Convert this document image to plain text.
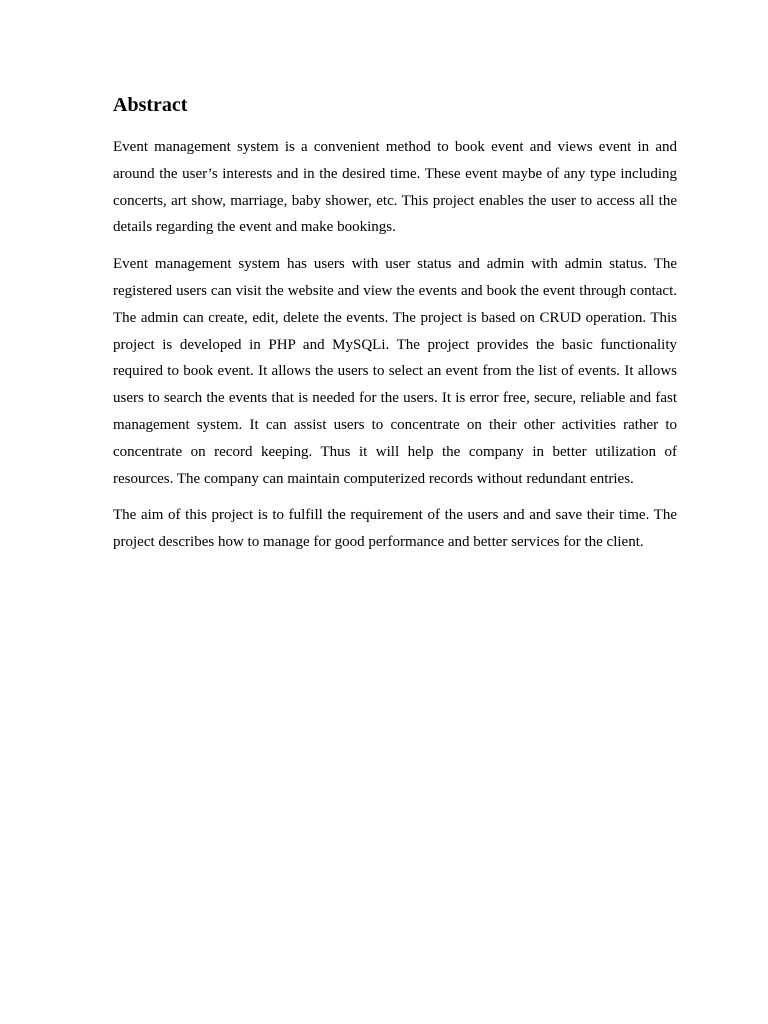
Abstract

Event management system is a convenient method to book event and views event in and around the user’s interests and in the desired time. These event maybe of any type including concerts, art show, marriage, baby shower, etc. This project enables the user to access all the details regarding the event and make bookings.

Event management system has users with user status and admin with admin status. The registered users can visit the website and view the events and book the event through contact. The admin can create, edit, delete the events. The project is based on CRUD operation. This project is developed in PHP and MySQLi. The project provides the basic functionality required to book event. It allows the users to select an event from the list of events. It allows users to search the events that is needed for the users. It is error free, secure, reliable and fast management system. It can assist users to concentrate on their other activities rather to concentrate on record keeping. Thus it will help the company in better utilization of resources. The company can maintain computerized records without redundant entries.

The aim of this project is to fulfill the requirement of the users and and save their time. The project describes how to manage for good performance and better services for the client.
